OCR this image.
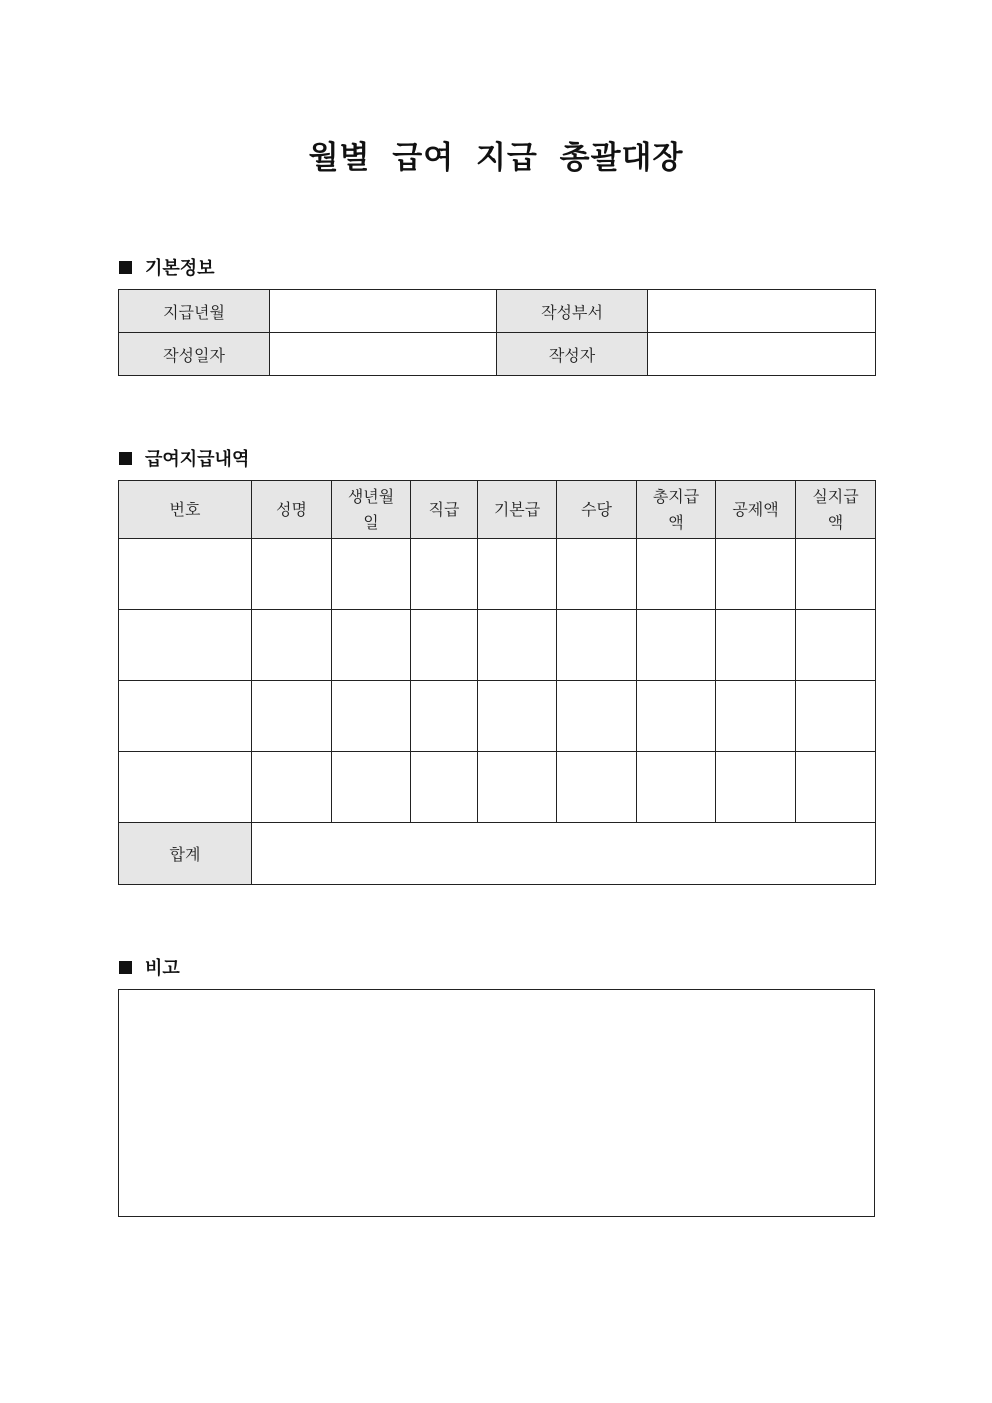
월별 급여 지급 총괄대장
기본정보
지급년월		작성부서	
작성일자		작성자	
급여지급내역
번호	성명	생년월일	직급	기본급	수당	총지급액	공제액	실지급액

합계								
비고
